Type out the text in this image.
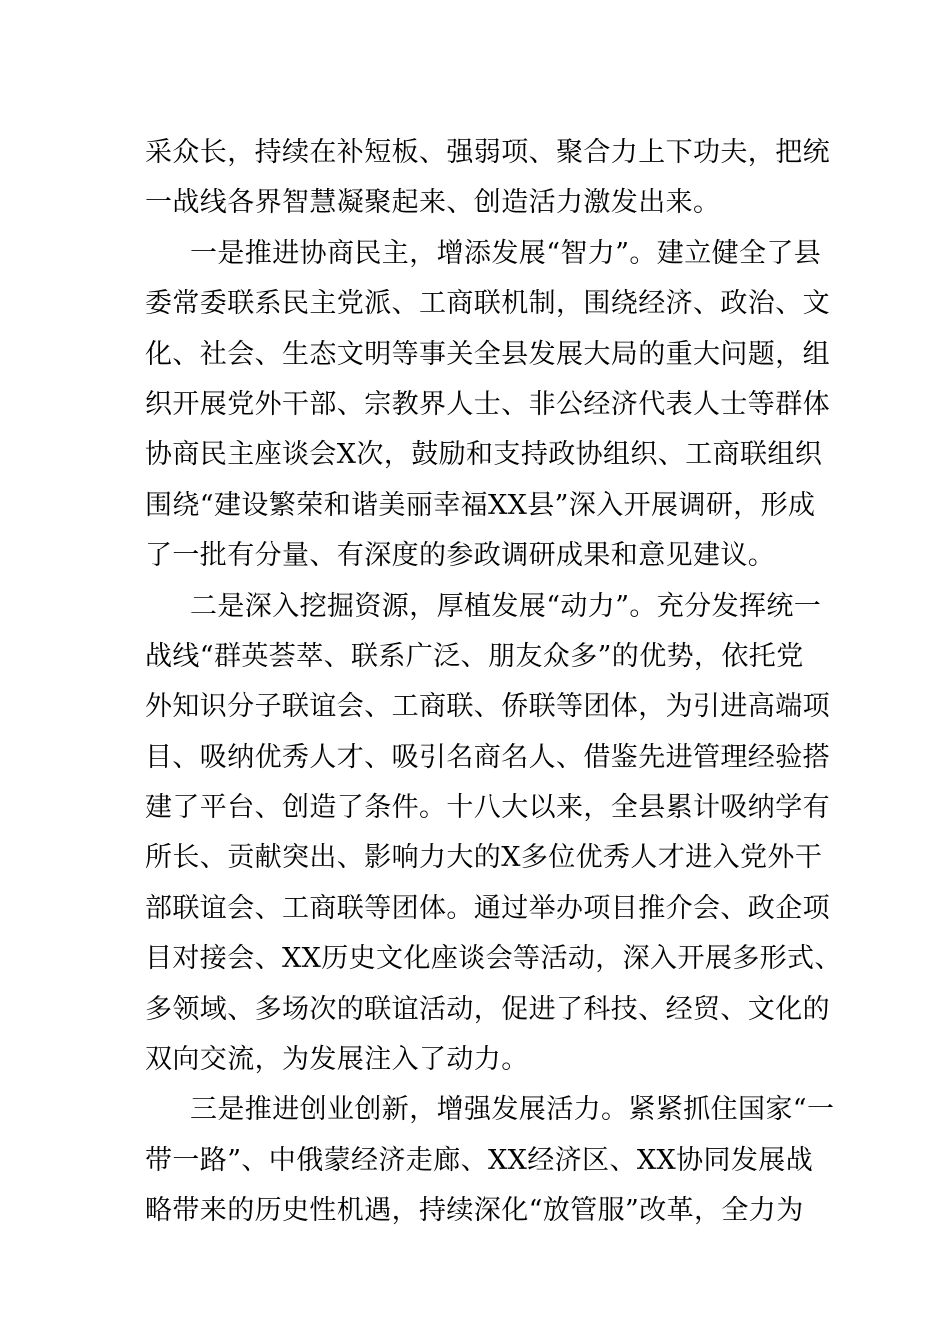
采众长，持续在补短板、强弱项、聚合力上下功夫，把统
一战线各界智慧凝聚起来、创造活力激发出来。
一是推进协商民主，增添发展“智力”。建立健全了县
委常委联系民主党派、工商联机制，围绕经济、政治、文
化、社会、生态文明等事关全县发展大局的重大问题，组
织开展党外干部、宗教界人士、非公经济代表人士等群体
协商民主座谈会X次，鼓励和支持政协组织、工商联组织
围绕“建设繁荣和谐美丽幸福XX县”深入开展调研，形成
了一批有分量、有深度的参政调研成果和意见建议。
二是深入挖掘资源，厚植发展“动力”。充分发挥统一
战线“群英荟萃、联系广泛、朋友众多”的优势，依托党
外知识分子联谊会、工商联、侨联等团体，为引进高端项
目、吸纳优秀人才、吸引名商名人、借鉴先进管理经验搭
建了平台、创造了条件。十八大以来，全县累计吸纳学有
所长、贡献突出、影响力大的X多位优秀人才进入党外干
部联谊会、工商联等团体。通过举办项目推介会、政企项
目对接会、XX历史文化座谈会等活动，深入开展多形式、
多领域、多场次的联谊活动，促进了科技、经贸、文化的
双向交流，为发展注入了动力。
三是推进创业创新，增强发展活力。紧紧抓住国家“一
带一路”、中俄蒙经济走廊、XX经济区、XX协同发展战
略带来的历史性机遇，持续深化“放管服”改革，全力为
